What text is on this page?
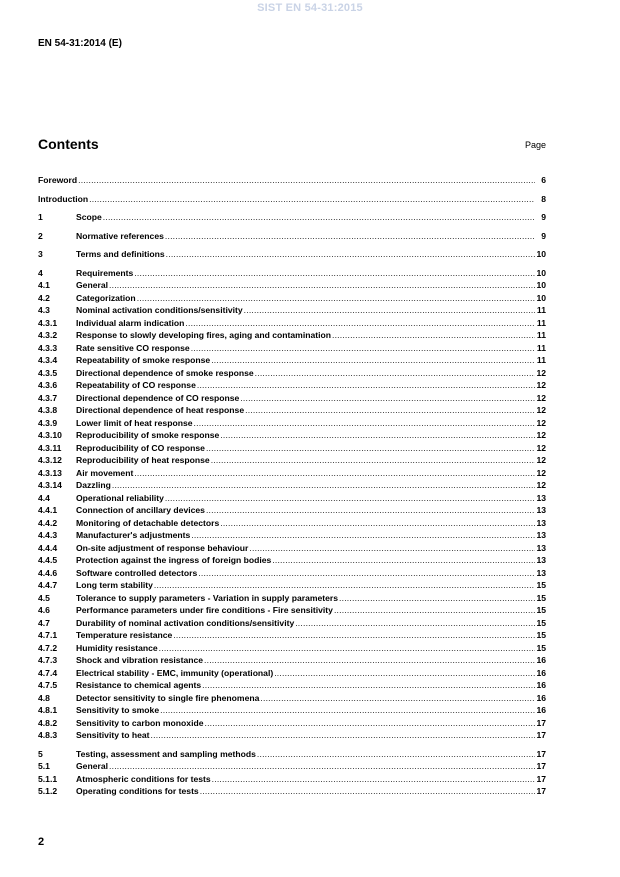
SIST EN 54-31:2015
EN 54-31:2014 (E)
Contents	Page
Foreword .....	6
Introduction .....	8
1	Scope .....	9
2	Normative references .....	9
3	Terms and definitions .....	10
4	Requirements .....	10
4.1	General .....	10
4.2	Categorization .....	10
4.3	Nominal activation conditions/sensitivity .....	11
4.3.1	Individual alarm indication .....	11
4.3.2	Response to slowly developing fires, aging and contamination .....	11
4.3.3	Rate sensitive CO response .....	11
4.3.4	Repeatability of smoke response .....	11
4.3.5	Directional dependence of smoke response .....	12
4.3.6	Repeatability of CO response .....	12
4.3.7	Directional dependence of CO response .....	12
4.3.8	Directional dependence of heat response .....	12
4.3.9	Lower limit of heat response .....	12
4.3.10	Reproducibility of smoke response .....	12
4.3.11	Reproducibility of CO response .....	12
4.3.12	Reproducibility of heat response .....	12
4.3.13	Air movement .....	12
4.3.14	Dazzling .....	12
4.4	Operational reliability .....	13
4.4.1	Connection of ancillary devices .....	13
4.4.2	Monitoring of detachable detectors .....	13
4.4.3	Manufacturer's adjustments .....	13
4.4.4	On-site adjustment of response behaviour .....	13
4.4.5	Protection against the ingress of foreign bodies .....	13
4.4.6	Software controlled detectors .....	13
4.4.7	Long term stability .....	15
4.5	Tolerance to supply parameters - Variation in supply parameters .....	15
4.6	Performance parameters under fire conditions - Fire sensitivity .....	15
4.7	Durability of nominal activation conditions/sensitivity .....	15
4.7.1	Temperature resistance .....	15
4.7.2	Humidity resistance .....	15
4.7.3	Shock and vibration resistance .....	16
4.7.4	Electrical stability - EMC, immunity (operational) .....	16
4.7.5	Resistance to chemical agents .....	16
4.8	Detector sensitivity to single fire phenomena .....	16
4.8.1	Sensitivity to smoke .....	16
4.8.2	Sensitivity to carbon monoxide .....	17
4.8.3	Sensitivity to heat .....	17
5	Testing, assessment and sampling methods .....	17
5.1	General .....	17
5.1.1	Atmospheric conditions for tests .....	17
5.1.2	Operating conditions for tests .....	17
2
